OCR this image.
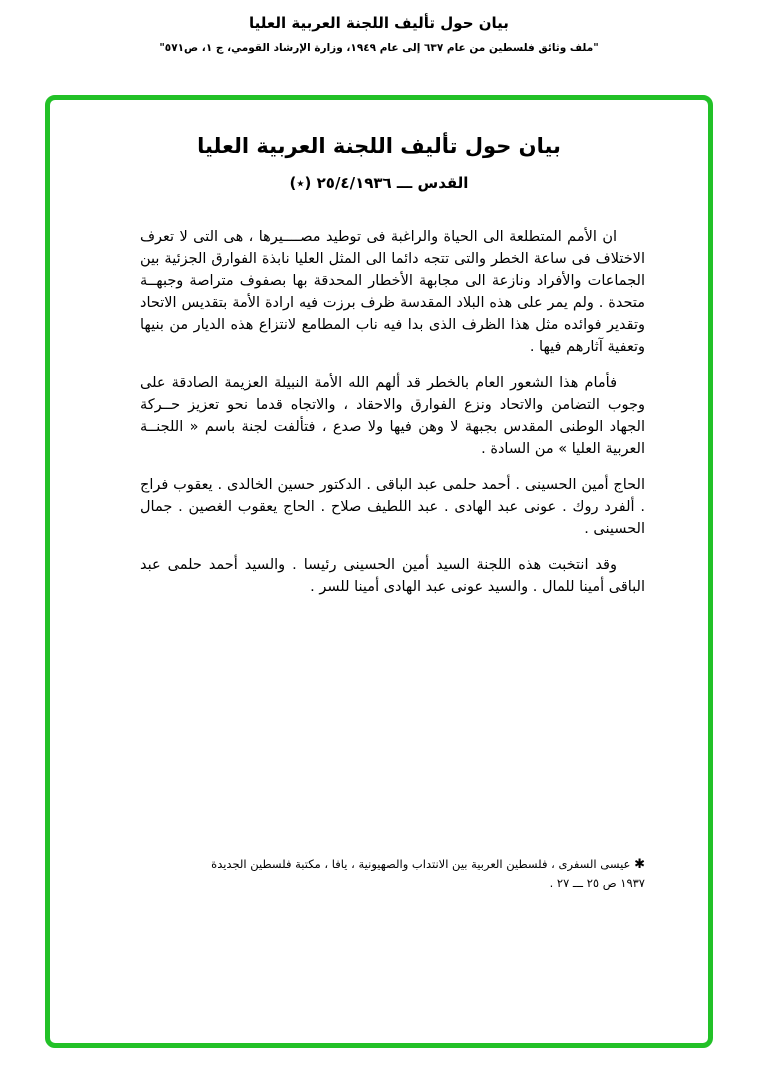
بيان حول تأليف اللجنة العربية العليا
"ملف وثائق فلسطين من عام ٦٣٧ إلى عام ١٩٤٩، وزارة الإرشاد القومي، ج ١، ص٥٧١"
بيان حول تأليف اللجنة العربية العليا
القدس ـــ ٢٥/٤/١٩٣٦ (٭)

ان الأمم المتطلعة الى الحياة والراغبة فى توطيد مصــــيرها ، هى التى لا تعرف الاختلاف فى ساعة الخطر والتى تتجه دائما الى المثل العليا نابذة الفوارق الجزئية بين الجماعات والأفراد ونازعة الى مجابهة الأخطار المحدقة بها بصفوف متراصة وجبهــة متحدة . ولم يمر على هذه البلاد المقدسة ظرف برزت فيه ارادة الأمة بتقديس الاتحاد وتقدير فوائده مثل هذا الظرف الذى بدا فيه ناب المطامع لانتزاع هذه الديار من بنيها وتعفية آثارهم فيها .

فأمام هذا الشعور العام بالخطر قد ألهم الله الأمة النبيلة العزيمة الصادقة على وجوب التضامن والاتحاد ونزع الفوارق والاحقاد ، والاتجاه قدما نحو تعزيز حــركة الجهاد الوطنى المقدس بجبهة لا وهن فيها ولا صدع ، فتألفت لجنة باسم « اللجنــة العربية العليا » من السادة .

الحاج أمين الحسينى . أحمد حلمى عبد الباقى . الدكتور حسين الخالدى . يعقوب فراج . ألفرد روك . عونى عبد الهادى . عبد اللطيف صلاح . الحاج يعقوب الغصين . جمال الحسينى .

وقد انتخبت هذه اللجنة السيد أمين الحسينى رئيسا . والسيد أحمد حلمى عبد الباقى أمينا للمال . والسيد عونى عبد الهادى أمينا للسر .

✱ عيسى السفرى ، فلسطين العربية بين الانتداب والصهيونية ، يافا ، مكتبة فلسطين الجديدة
١٩٣٧ ص ٢٥ ـــ ٢٧ .
